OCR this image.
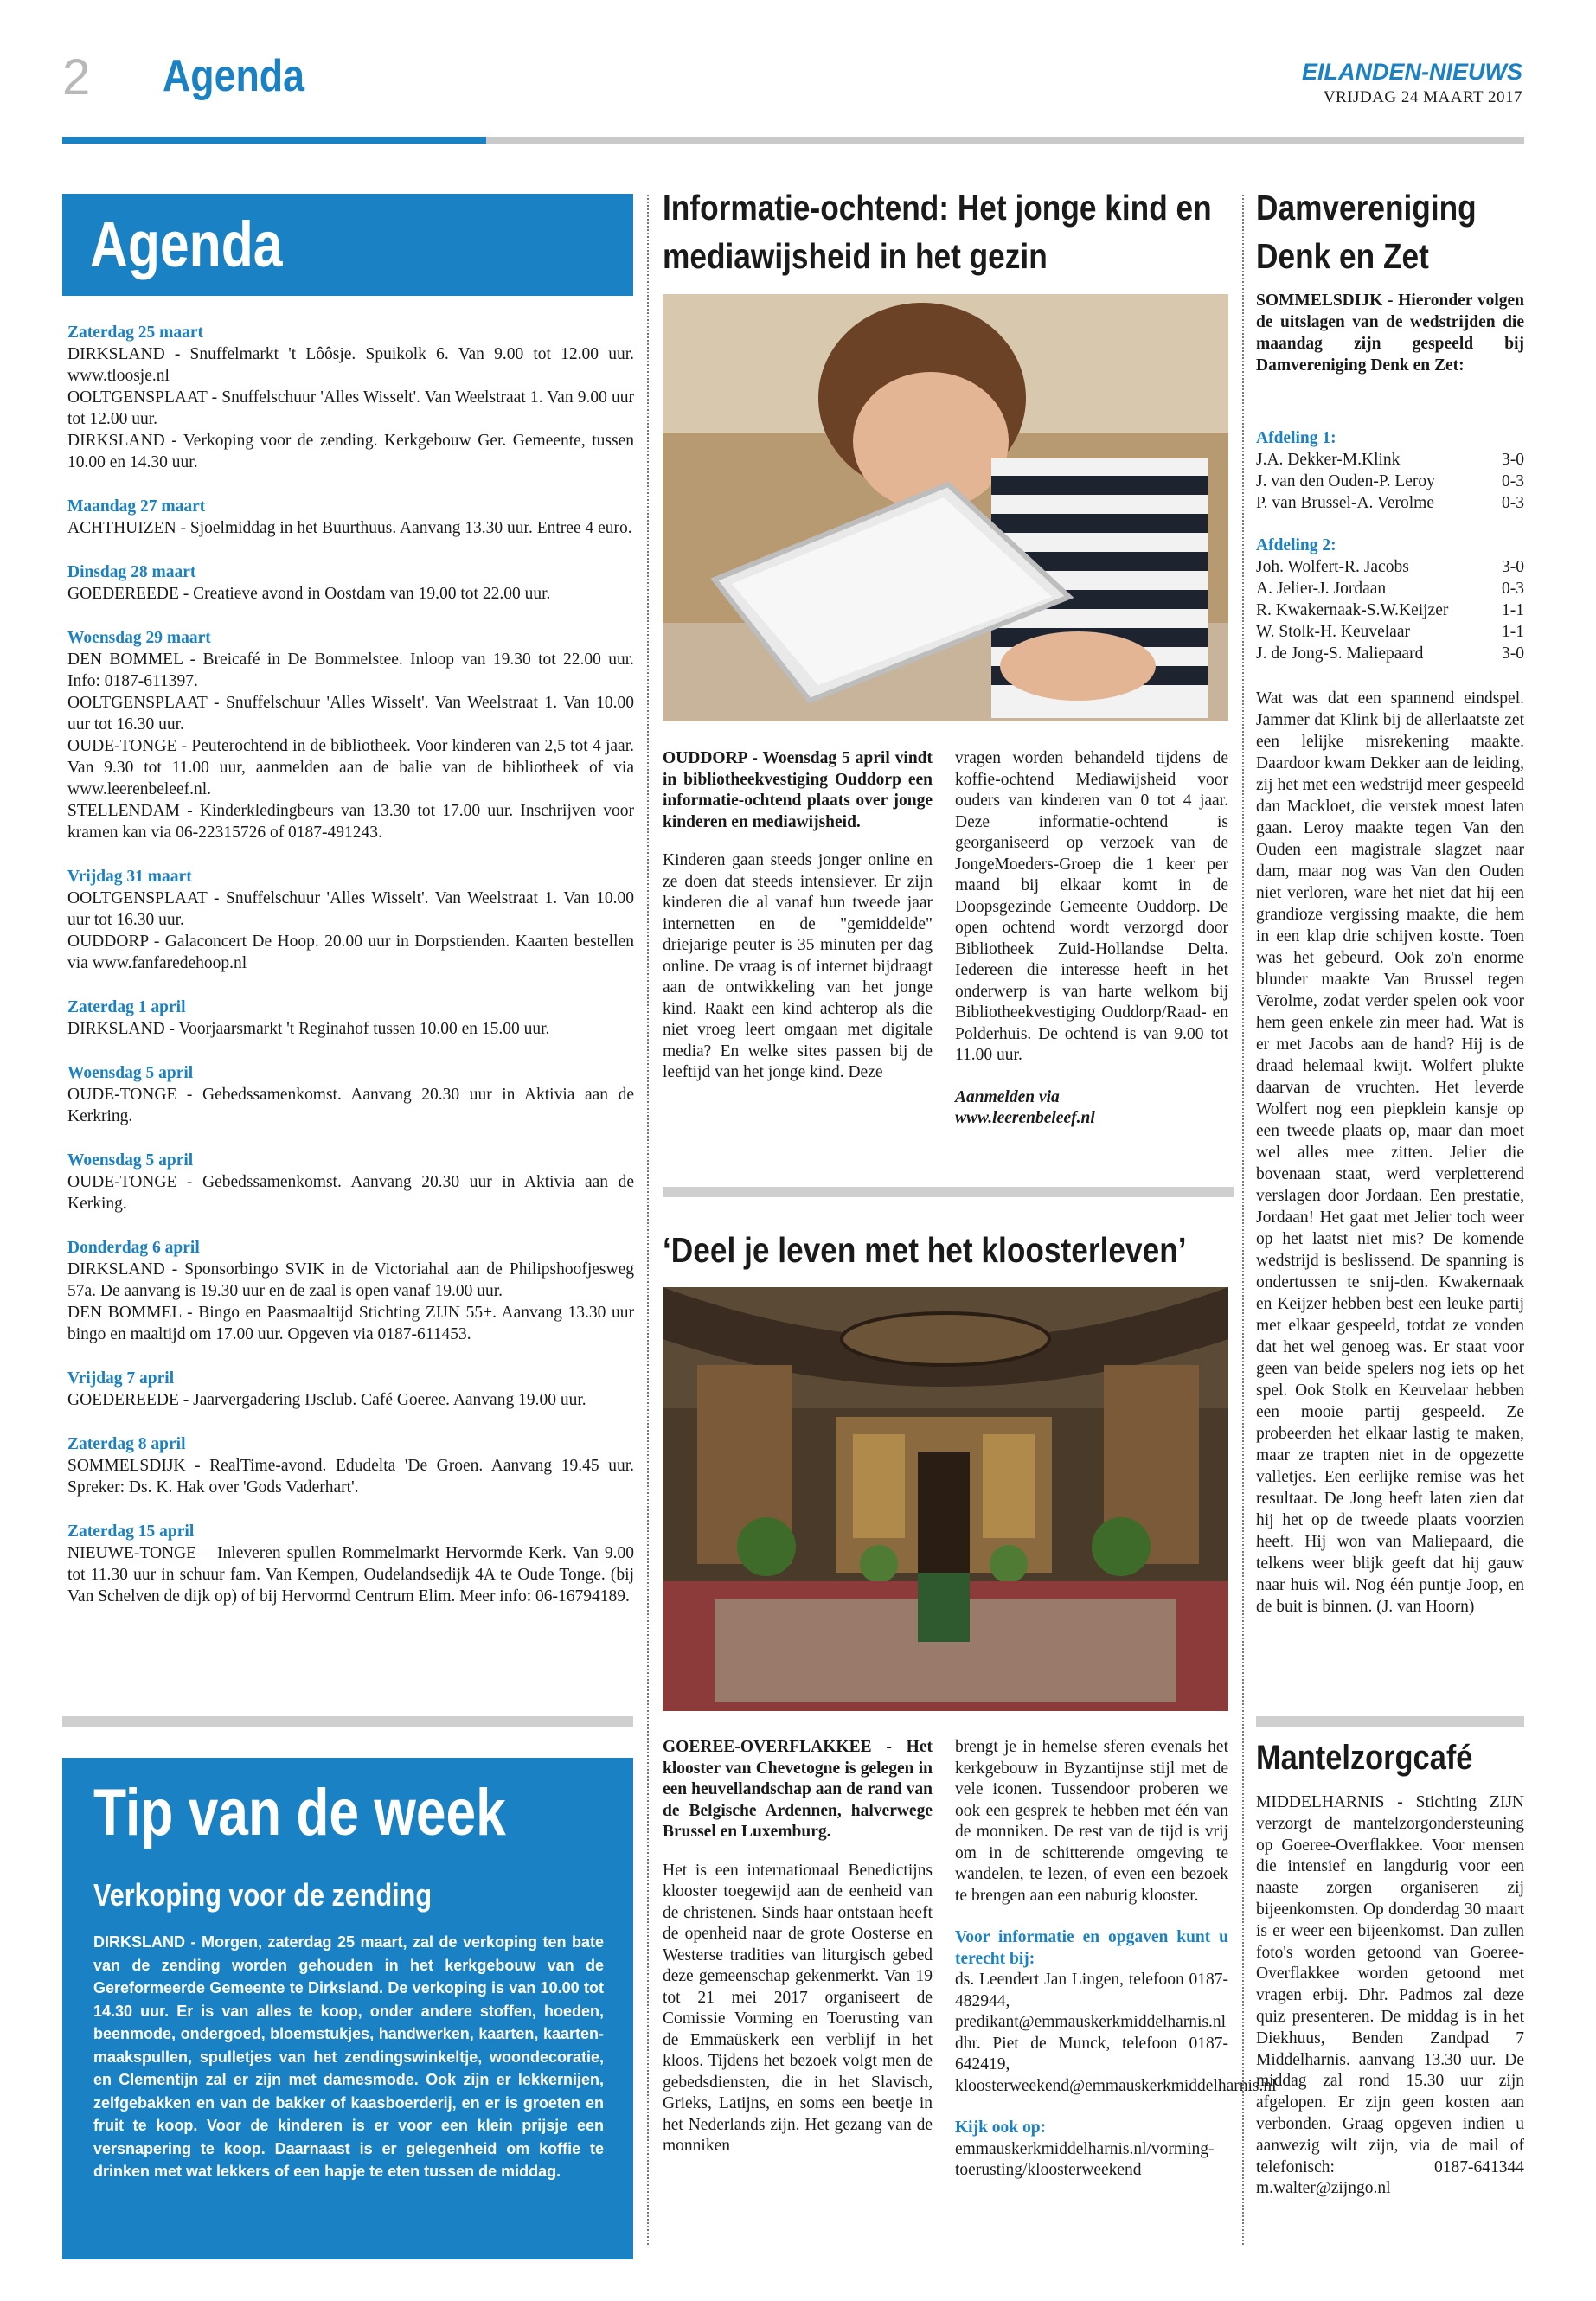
2 Agenda	EILANDEN-NIEUWS
VRIJDAG 24 MAART 2017
Agenda
Zaterdag 25 maart
DIRKSLAND - Snuffelmarkt 't Lôôsje. Spuikolk 6. Van 9.00 tot 12.00 uur. www.tloosje.nl
OOLTGENSPLAAT - Snuffelschuur 'Alles Wisselt'. Van Weelstraat 1. Van 9.00 uur tot 12.00 uur.
DIRKSLAND - Verkoping voor de zending. Kerkgebouw Ger. Gemeente, tussen 10.00 en 14.30 uur.
Maandag 27 maart
ACHTHUIZEN - Sjoelmiddag in het Buurthuus. Aanvang 13.30 uur. Entree 4 euro.
Dinsdag 28 maart
GOEDEREEDE - Creatieve avond in Oostdam van 19.00 tot 22.00 uur.
Woensdag 29 maart
DEN BOMMEL - Breicafé in De Bommelstee. Inloop van 19.30 tot 22.00 uur. Info: 0187-611397.
OOLTGENSPLAAT - Snuffelschuur 'Alles Wisselt'. Van Weelstraat 1. Van 10.00 uur tot 16.30 uur.
OUDE-TONGE - Peuterochtend in de bibliotheek. Voor kinderen van 2,5 tot 4 jaar. Van 9.30 tot 11.00 uur, aanmelden aan de balie van de bibliotheek of via www.leerenbeleef.nl.
STELLENDAM - Kinderkledingbeurs van 13.30 tot 17.00 uur. Inschrijven voor kramen kan via 06-22315726 of 0187-491243.
Vrijdag 31 maart
OOLTGENSPLAAT - Snuffelschuur 'Alles Wisselt'. Van Weelstraat 1. Van 10.00 uur tot 16.30 uur.
OUDDORP - Galaconcert De Hoop. 20.00 uur in Dorpstienden. Kaarten bestellen via www.fanfaredehoop.nl
Zaterdag 1 april
DIRKSLAND - Voorjaarsmarkt 't Reginahof tussen 10.00 en 15.00 uur.
Woensdag 5 april
OUDE-TONGE - Gebedssamenkomst. Aanvang 20.30 uur in Aktivia aan de Kerkring.
Woensdag 5 april
OUDE-TONGE - Gebedssamenkomst. Aanvang 20.30 uur in Aktivia aan de Kerking.
Donderdag 6 april
DIRKSLAND - Sponsorbingo SVIK in de Victoriahal aan de Philipshoofjesweg 57a. De aanvang is 19.30 uur en de zaal is open vanaf 19.00 uur.
DEN BOMMEL - Bingo en Paasmaaltijd Stichting ZIJN 55+. Aanvang 13.30 uur bingo en maaltijd om 17.00 uur. Opgeven via 0187-611453.
Vrijdag 7 april
GOEDEREEDE - Jaarvergadering IJsclub. Café Goeree. Aanvang 19.00 uur.
Zaterdag 8 april
SOMMELSDIJK - RealTime-avond. Edudelta 'De Groen. Aanvang 19.45 uur. Spreker: Ds. K. Hak over 'Gods Vaderhart'.
Zaterdag 15 april
NIEUWE-TONGE – Inleveren spullen Rommelmarkt Hervormde Kerk. Van 9.00 tot 11.30 uur in schuur fam. Van Kempen, Oudelandsedijk 4A te Oude Tonge. (bij Van Schelven de dijk op) of bij Hervormd Centrum Elim. Meer info: 06-16794189.
Tip van de week
Verkoping voor de zending
DIRKSLAND - Morgen, zaterdag 25 maart, zal de verkoping ten bate van de zending worden gehouden in het kerkgebouw van de Gereformeerde Gemeente te Dirksland. De verkoping is van 10.00 tot 14.30 uur. Er is van alles te koop, onder andere stoffen, hoeden, beenmode, ondergoed, bloemstukjes, handwerken, kaarten, kaarten-maakspullen, spulletjes van het zendingswinkeltje, woondecoratie, en Clementijn zal er zijn met damesmode. Ook zijn er lekkernijen, zelfgebakken en van de bakker of kaasboerderij, en er is groeten en fruit te koop. Voor de kinderen is er voor een klein prijsje een versnapering te koop. Daarnaast is er gelegenheid om koffie te drinken met wat lekkers of een hapje te eten tussen de middag.
Informatie-ochtend: Het jonge kind en mediawijsheid in het gezin

OUDDORP - Woensdag 5 april vindt in bibliotheekvestiging Ouddorp een informatie-ochtend plaats over jonge kinderen en mediawijsheid.

Kinderen gaan steeds jonger online en ze doen dat steeds intensiever. Er zijn kinderen die al vanaf hun tweede jaar internetten en de "gemiddelde" driejarige peuter is 35 minuten per dag online. De vraag is of internet bijdraagt aan de ontwikkeling van het jonge kind. Raakt een kind achterop als die niet vroeg leert omgaan met digitale media? En welke sites passen bij de leeftijd van het jonge kind. Deze

vragen worden behandeld tijdens de koffie-ochtend Mediawijsheid voor ouders van kinderen van 0 tot 4 jaar. Deze informatie-ochtend is georganiseerd op verzoek van de JongeMoeders-Groep die 1 keer per maand bij elkaar komt in de Doopsgezinde Gemeente Ouddorp. De open ochtend wordt verzorgd door Bibliotheek Zuid-Hollandse Delta. Iedereen die interesse heeft in het onderwerp is van harte welkom bij Bibliotheekvestiging Ouddorp/Raad- en Polderhuis. De ochtend is van 9.00 tot 11.00 uur.

Aanmelden via
www.leerenbeleef.nl

‘Deel je leven met het kloosterleven’

GOEREE-OVERFLAKKEE - Het klooster van Chevetogne is gelegen in een heuvellandschap aan de rand van de Belgische Ardennen, halverwege Brussel en Luxemburg.

Het is een internationaal Benedictijns klooster toegewijd aan de eenheid van de christenen. Sinds haar ontstaan heeft de openheid naar de grote Oosterse en Westerse tradities van liturgisch gebed deze gemeenschap gekenmerkt. Van 19 tot 21 mei 2017 organiseert de Comissie Vorming en Toerusting van de Emmaüskerk een verblijf in het kloos. Tijdens het bezoek volgt men de gebedsdiensten, die in het Slavisch, Grieks, Latijns, en soms een beetje in het Nederlands zijn. Het gezang van de monniken

brengt je in hemelse sferen evenals het kerkgebouw in Byzantijnse stijl met de vele iconen. Tussendoor proberen we ook een gesprek te hebben met één van de monniken. De rest van de tijd is vrij om in de schitterende omgeving te wandelen, te lezen, of even een bezoek te brengen aan een naburig klooster.

Voor informatie en opgaven kunt u terecht bij:

ds. Leendert Jan Lingen, telefoon 0187-482944, predikant@emmauskerkmiddelharnis.nl dhr. Piet de Munck, telefoon 0187-642419, kloosterweekend@emmauskerkmiddelharnis.nl

Kijk ook op:

emmauskerkmiddelharnis.nl/vorming-toerusting/kloosterweekend

Damvereniging Denk en Zet
SOMMELSDIJK - Hieronder volgen de uitslagen van de wedstrijden die maandag zijn gespeeld bij Damvereniging Denk en Zet:
Afdeling 1:
J.A. Dekker-M.Klink	3-0
J. van den Ouden-P. Leroy	0-3
P. van Brussel-A. Verolme	0-3
Afdeling 2:
Joh. Wolfert-R. Jacobs	3-0
A. Jelier-J. Jordaan	0-3
R. Kwakernaak-S.W.Keijzer	1-1
W. Stolk-H. Keuvelaar	1-1
J. de Jong-S. Maliepaard	3-0
Wat was dat een spannend eindspel. Jammer dat Klink bij de allerlaatste zet een lelijke misrekening maakte. Daardoor kwam Dekker aan de leiding, zij het met een wedstrijd meer gespeeld dan Mackloet, die verstek moest laten gaan. Leroy maakte tegen Van den Ouden een magistrale slagzet naar dam, maar nog was Van den Ouden niet verloren, ware het niet dat hij een grandioze vergissing maakte, die hem in een klap drie schijven kostte. Toen was het gebeurd. Ook zo'n enorme blunder maakte Van Brussel tegen Verolme, zodat verder spelen ook voor hem geen enkele zin meer had. Wat is er met Jacobs aan de hand? Hij is de draad helemaal kwijt. Wolfert plukte daarvan de vruchten. Het leverde Wolfert nog een piepklein kansje op een tweede plaats op, maar dan moet wel alles mee zitten. Jelier die bovenaan staat, werd verpletterend verslagen door Jordaan. Een prestatie, Jordaan! Het gaat met Jelier toch weer op het laatst niet mis? De komende wedstrijd is beslissend. De spanning is ondertussen te snij-den. Kwakernaak en Keijzer hebben best een leuke partij met elkaar gespeeld, totdat ze vonden dat het wel genoeg was. Er staat voor geen van beide spelers nog iets op het spel. Ook Stolk en Keuvelaar hebben een mooie partij gespeeld. Ze probeerden het elkaar lastig te maken, maar ze trapten niet in de opgezette valletjes. Een eerlijke remise was het resultaat. De Jong heeft laten zien dat hij het op de tweede plaats voorzien heeft. Hij won van Maliepaard, die telkens weer blijk geeft dat hij gauw naar huis wil. Nog één puntje Joop, en de buit is binnen. (J. van Hoorn)
Mantelzorgcafé
MIDDELHARNIS - Stichting ZIJN verzorgt de mantelzorgondersteuning op Goeree-Overflakkee. Voor mensen die intensief en langdurig voor een naaste zorgen organiseren zij bijeenkomsten. Op donderdag 30 maart is er weer een bijeenkomst. Dan zullen foto's worden getoond van Goeree-Overflakkee worden getoond met vragen erbij. Dhr. Padmos zal deze quiz presenteren. De middag is in het Diekhuus, Benden Zandpad 7 Middelharnis. aanvang 13.30 uur. De middag zal rond 15.30 uur zijn afgelopen. Er zijn geen kosten aan verbonden. Graag opgeven indien u aanwezig wilt zijn, via de mail of telefonisch: 0187-641344 m.walter@zijngo.nl
